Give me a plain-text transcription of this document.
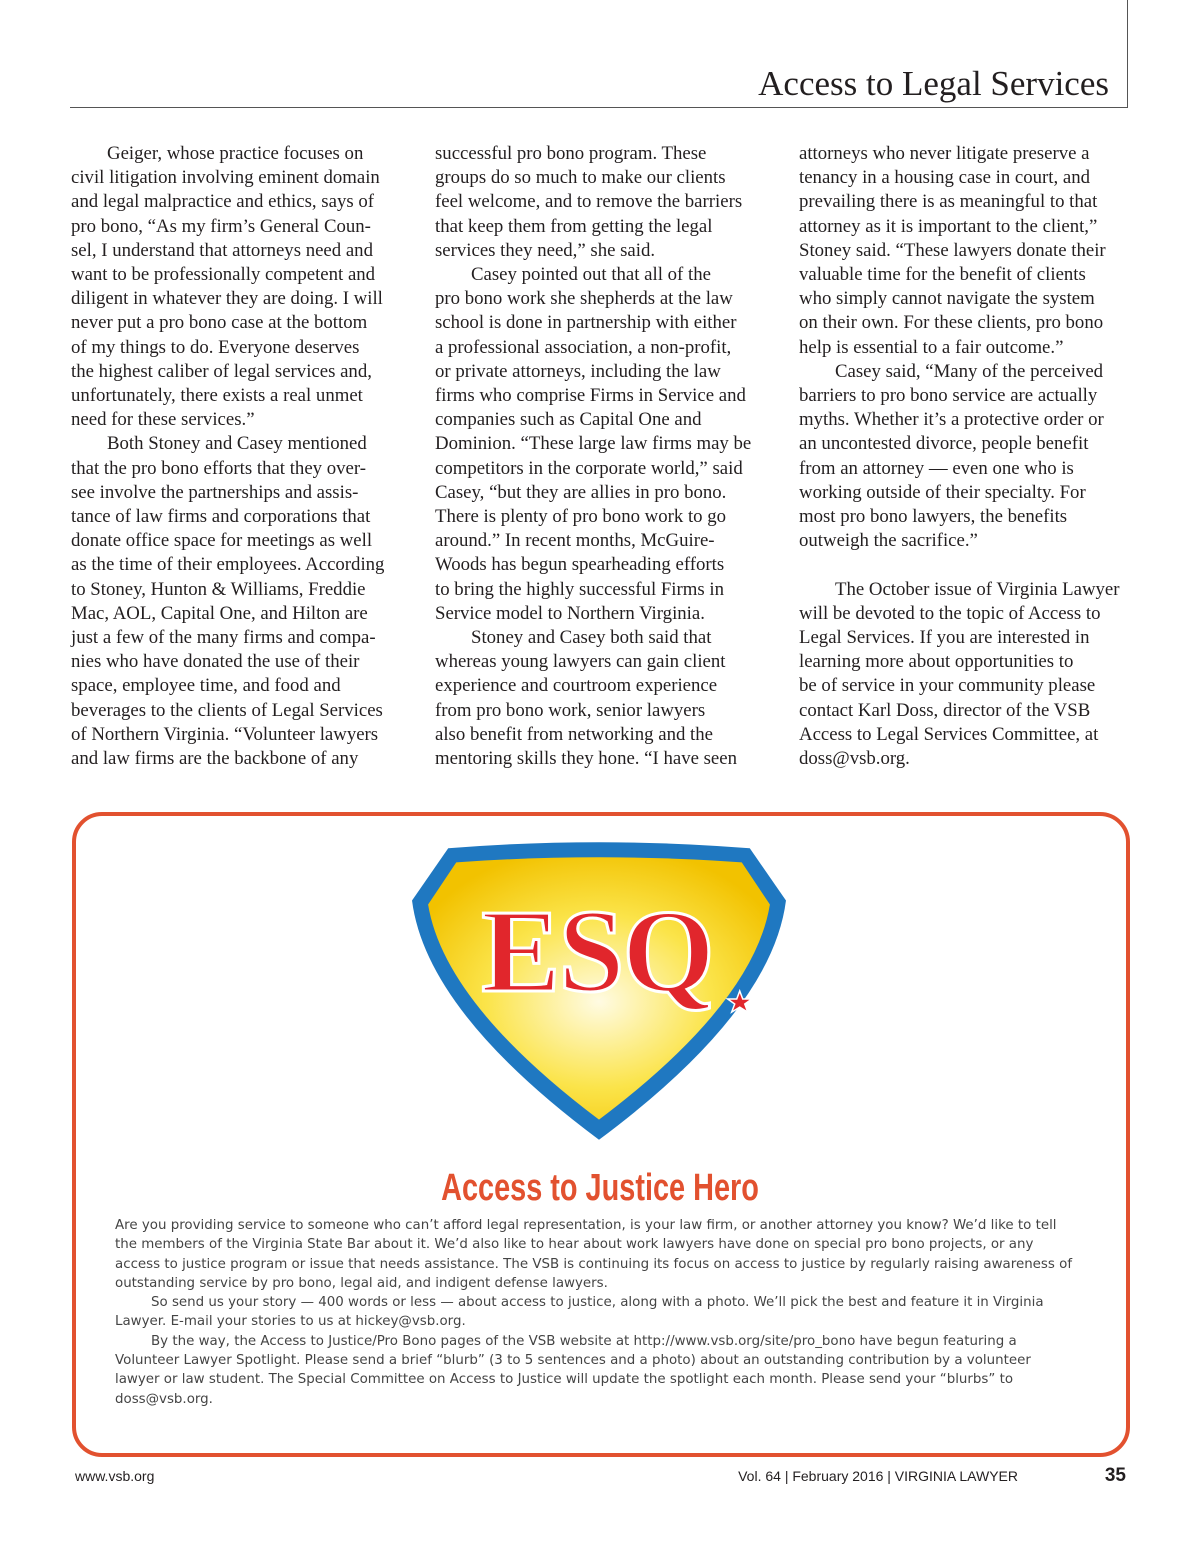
Access to Legal Services

Geiger, whose practice focuses on

civil litigation involving eminent domain

and legal malpractice and ethics, says of

pro bono, “As my firm’s General Coun-

sel, I understand that attorneys need and

want to be professionally competent and

diligent in whatever they are doing. I will

never put a pro bono case at the bottom

of my things to do. Everyone deserves

the highest caliber of legal services and,

unfortunately, there exists a real unmet

need for these services.”

Both Stoney and Casey mentioned

that the pro bono efforts that they over-

see involve the partnerships and assis-

tance of law firms and corporations that

donate office space for meetings as well

as the time of their employees. According

to Stoney, Hunton & Williams, Freddie

Mac, AOL, Capital One, and Hilton are

just a few of the many firms and compa-

nies who have donated the use of their

space, employee time, and food and

beverages to the clients of Legal Services

of Northern Virginia. “Volunteer lawyers

and law firms are the backbone of any

successful pro bono program. These

groups do so much to make our clients

feel welcome, and to remove the barriers

that keep them from getting the legal

services they need,” she said.

Casey pointed out that all of the

pro bono work she shepherds at the law

school is done in partnership with either

a professional association, a non-profit,

or private attorneys, including the law

firms who comprise Firms in Service and

companies such as Capital One and

Dominion. “These large law firms may be

competitors in the corporate world,” said

Casey, “but they are allies in pro bono.

There is plenty of pro bono work to go

around.” In recent months, McGuire-

Woods has begun spearheading efforts

to bring the highly successful Firms in

Service model to Northern Virginia.

Stoney and Casey both said that

whereas young lawyers can gain client

experience and courtroom experience

from pro bono work, senior lawyers

also benefit from networking and the

mentoring skills they hone. “I have seen

attorneys who never litigate preserve a

tenancy in a housing case in court, and

prevailing there is as meaningful to that

attorney as it is important to the client,”

Stoney said. “These lawyers donate their

valuable time for the benefit of clients

who simply cannot navigate the system

on their own. For these clients, pro bono

help is essential to a fair outcome.”

Casey said, “Many of the perceived

barriers to pro bono service are actually

myths. Whether it’s a protective order or

an uncontested divorce, people benefit

from an attorney — even one who is

working outside of their specialty. For

most pro bono lawyers, the benefits

outweigh the sacrifice.”

The October issue of Virginia Lawyer

will be devoted to the topic of Access to

Legal Services. If you are interested in

learning more about opportunities to

be of service in your community please

contact Karl Doss, director of the VSB

Access to Legal Services Committee, at

doss@vsb.org.

ESQ
Access to Justice Hero

Are you providing service to someone who can’t afford legal representation, is your law firm, or another attorney you know? We’d like to tell

the members of the Virginia State Bar about it. We’d also like to hear about work lawyers have done on special pro bono projects, or any

access to justice program or issue that needs assistance. The VSB is continuing its focus on access to justice by regularly raising awareness of

outstanding service by pro bono, legal aid, and indigent defense lawyers.

So send us your story — 400 words or less — about access to justice, along with a photo. We’ll pick the best and feature it in Virginia

Lawyer. E-mail your stories to us at hickey@vsb.org.

By the way, the Access to Justice/Pro Bono pages of the VSB website at http://www.vsb.org/site/pro_bono have begun featuring a

Volunteer Lawyer Spotlight. Please send a brief “blurb” (3 to 5 sentences and a photo) about an outstanding contribution by a volunteer

lawyer or law student. The Special Committee on Access to Justice will update the spotlight each month. Please send your “blurbs” to

doss@vsb.org.

www.vsb.org	Vol. 64 | February 2016 | VIRGINIA LAWYER	35
